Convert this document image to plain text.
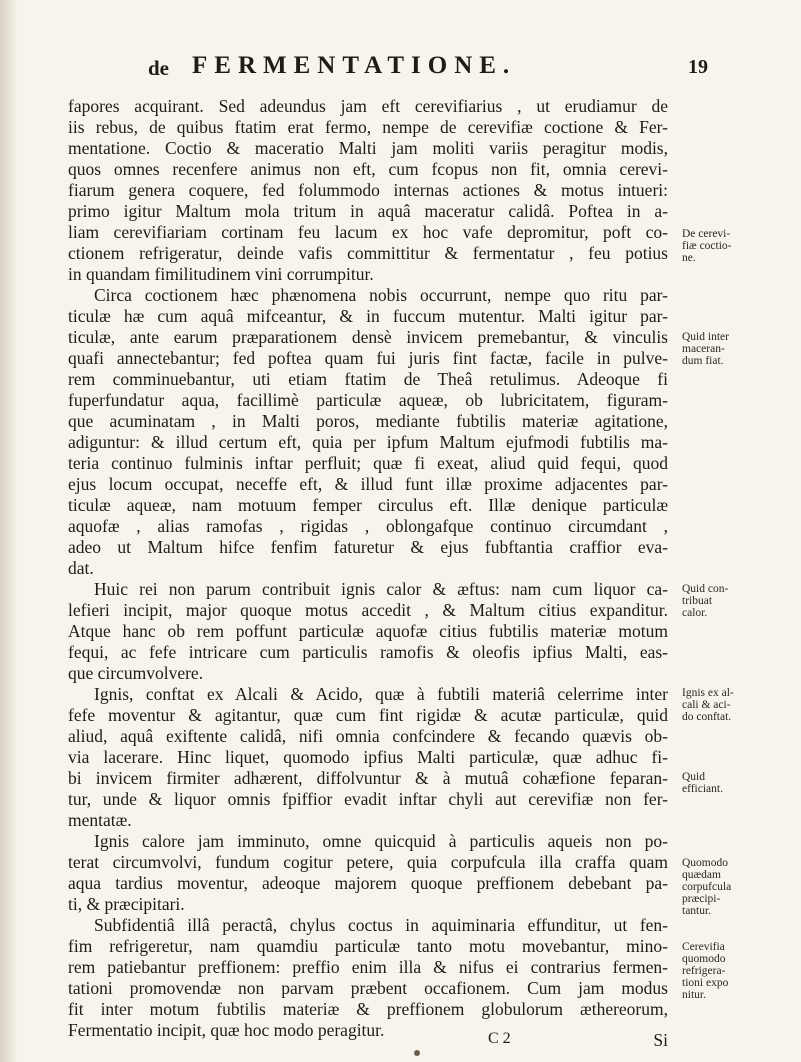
de FERMENTATIONE.	19
fapores acquirant. Sed adeundus jam eft cerevifiarius , ut erudiamur de
iis rebus, de quibus ftatim erat fermo, nempe de cerevifiæ coctione & Fer-
mentatione. Coctio & maceratio Malti jam moliti variis peragitur modis,
quos omnes recenfere animus non eft, cum fcopus non fit, omnia cerevi-
fiarum genera coquere, fed folummodo internas actiones & motus intueri:
primo igitur Maltum mola tritum in aquâ maceratur calidâ. Poftea in a-
liam cerevifiariam cortinam feu lacum ex hoc vafe depromitur, poft co-
ctionem refrigeratur, deinde vafis committitur & fermentatur , feu potius
in quandam fimilitudinem vini corrumpitur.
Circa coctionem hæc phænomena nobis occurrunt, nempe quo ritu par-
ticulæ hæ cum aquâ mifceantur, & in fuccum mutentur. Malti igitur par-
ticulæ, ante earum præparationem densè invicem premebantur, & vinculis
quafi annectebantur; fed poftea quam fui juris fint factæ, facile in pulve-
rem comminuebantur, uti etiam ftatim de Theâ retulimus. Adeoque fi
fuperfundatur aqua, facillimè particulæ aqueæ, ob lubricitatem, figuram-
que acuminatam , in Malti poros, mediante fubtilis materiæ agitatione,
adiguntur: & illud certum eft, quia per ipfum Maltum ejufmodi fubtilis ma-
teria continuo fulminis inftar perfluit; quæ fi exeat, aliud quid fequi, quod
ejus locum occupat, neceffe eft, & illud funt illæ proxime adjacentes par-
ticulæ aqueæ, nam motuum femper circulus eft. Illæ denique particulæ
aquofæ , alias ramofas , rigidas , oblongafque continuo circumdant ,
adeo ut Maltum hifce fenfim faturetur & ejus fubftantia craffior eva-
dat.
Huic rei non parum contribuit ignis calor & æftus: nam cum liquor ca-
lefieri incipit, major quoque motus accedit , & Maltum citius expanditur.
Atque hanc ob rem poffunt particulæ aquofæ citius fubtilis materiæ motum
fequi, ac fefe intricare cum particulis ramofis & oleofis ipfius Malti, eas-
que circumvolvere.
Ignis, conftat ex Alcali & Acido, quæ à fubtili materiâ celerrime inter
fefe moventur & agitantur, quæ cum fint rigidæ & acutæ particulæ, quid
aliud, aquâ exiftente calidâ, nifi omnia confcindere & fecando quævis ob-
via lacerare. Hinc liquet, quomodo ipfius Malti particulæ, quæ adhuc fi-
bi invicem firmiter adhærent, diffolvuntur & à mutuâ cohæfione feparan-
tur, unde & liquor omnis fpiffior evadit inftar chyli aut cerevifiæ non fer-
mentatæ.
Ignis calore jam imminuto, omne quicquid à particulis aqueis non po-
terat circumvolvi, fundum cogitur petere, quia corpufcula illa craffa quam
aqua tardius moventur, adeoque majorem quoque preffionem debebant pa-
ti, & præcipitari.
Subfidentiâ illâ peractâ, chylus coctus in aquiminaria effunditur, ut fen-
fim refrigeretur, nam quamdiu particulæ tanto motu movebantur, mino-
rem patiebantur preffionem: preffio enim illa & nifus ei contrarius fermen-
tationi promovendæ non parvam præbent occafionem. Cum jam modus
fit inter motum fubtilis materiæ & preffionem globulorum æthereorum,
Fermentatio incipit, quæ hoc modo peragitur.
De cerevi-
fiæ coctio-
ne.
Quid inter
maceran-
dum fiat.
Quid con-
tribuat
calor.
Ignis ex al-
cali & aci-
do conftat.
Quid
efficiant.
Quomodo
quædam
corpufcula
præcipi-
tantur.
Cerevifia
quomodo
refrigera-
tioni expo
nitur.
C 2	Si
